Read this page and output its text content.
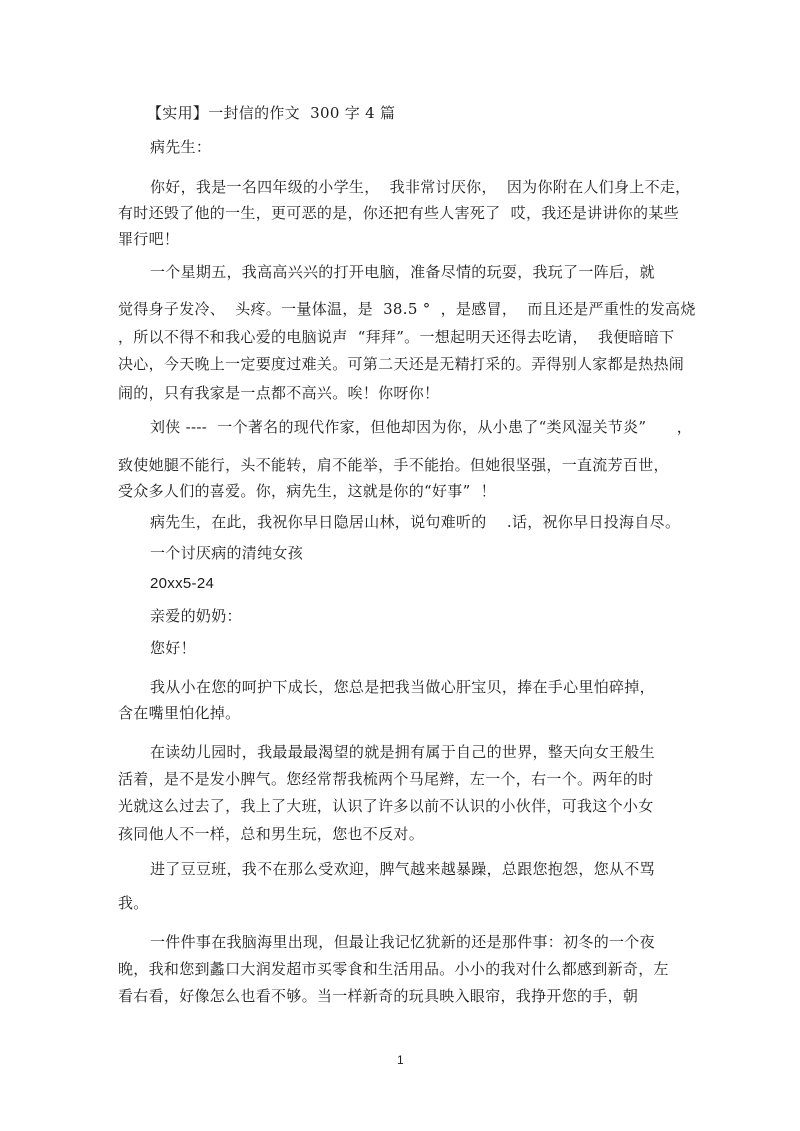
【实用】一封信的作文  300 字 4 篇
病先生：
你好，我是一名四年级的小学生，  我非常讨厌你，  因为你附在人们身上不走，
有时还毁了他的一生，更可恶的是，你还把有些人害死了  哎，我还是讲讲你的某些
罪行吧！
一个星期五，我高高兴兴的打开电脑，准备尽情的玩耍，我玩了一阵后，就
觉得身子发冷、  头疼。一量体温，是  38.5 °  ，是感冒，  而且还是严重性的发高烧
，所以不得不和我心爱的电脑说声  “拜拜”。一想起明天还得去吃请，  我便暗暗下
决心，今天晚上一定要度过难关。可第二天还是无精打采的。弄得别人家都是热热闹
闹的，只有我家是一点都不高兴。唉！你呀你！
刘侠 ----  一个著名的现代作家，但他却因为你，从小患了“类风湿关节炎”      ，
致使她腿不能行，头不能转，肩不能举，手不能抬。但她很坚强，一直流芳百世，
受众多人们的喜爱。你，病先生，这就是你的“好事”  ！
病先生，在此，我祝你早日隐居山林，说句难听的    .话，祝你早日投海自尽。
一个讨厌病的清纯女孩
20xx5-24
亲爱的奶奶：
您好！
我从小在您的呵护下成长，您总是把我当做心肝宝贝，捧在手心里怕碎掉，
含在嘴里怕化掉。
在读幼儿园时，我最最最渴望的就是拥有属于自己的世界，整天向女王般生
活着，是不是发小脾气。您经常帮我梳两个马尾辫，左一个，右一个。两年的时
光就这么过去了，我上了大班，认识了许多以前不认识的小伙伴，可我这个小女
孩同他人不一样，总和男生玩，您也不反对。
进了豆豆班，我不在那么受欢迎，脾气越来越暴躁，总跟您抱怨，您从不骂
我。
一件件事在我脑海里出现，但最让我记忆犹新的还是那件事：初冬的一个夜
晚，我和您到蠡口大润发超市买零食和生活用品。小小的我对什么都感到新奇，左
看右看，好像怎么也看不够。当一样新奇的玩具映入眼帘，我挣开您的手，朝
1
